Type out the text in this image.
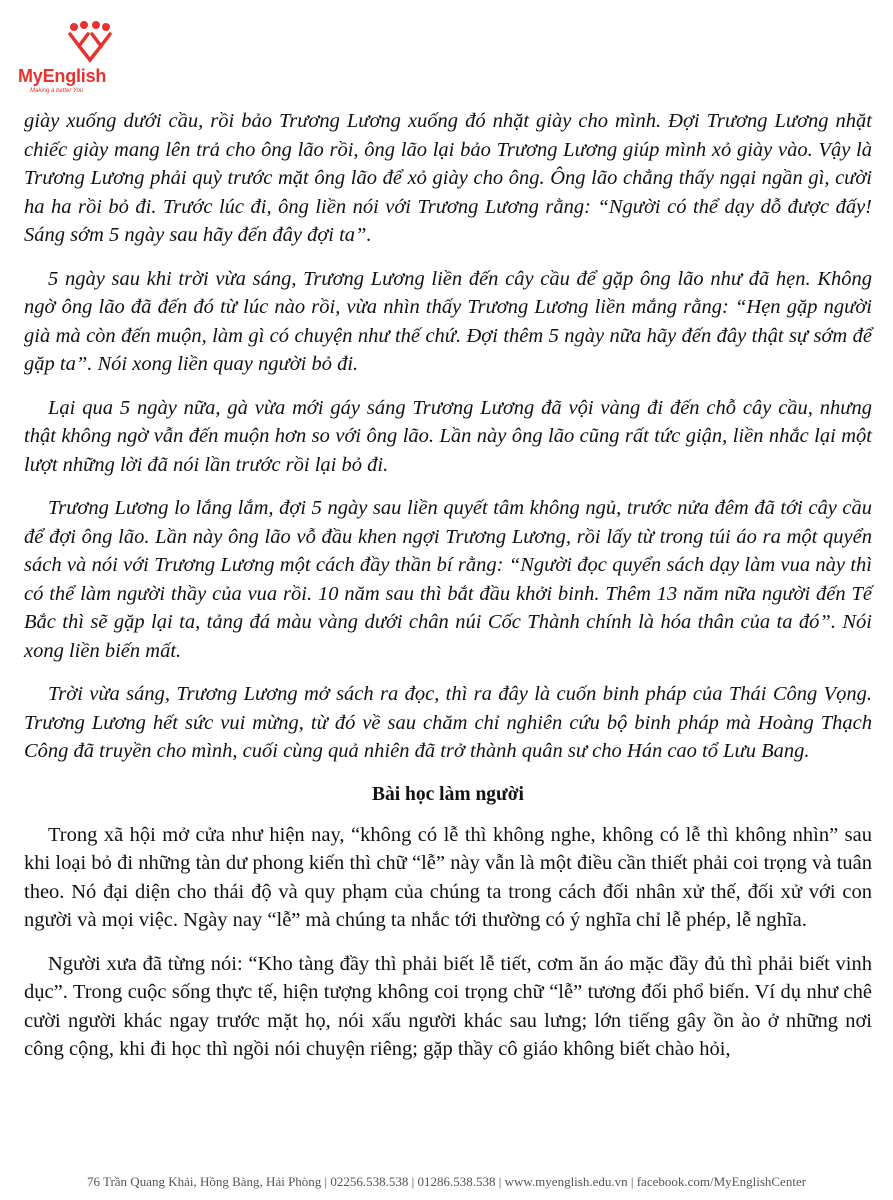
MyEnglish
Making a better You

giày xuống dưới cầu, rồi bảo Trương Lương xuống đó nhặt giày cho mình. Đợi Trương Lương nhặt chiếc giày mang lên trả cho ông lão rồi, ông lão lại bảo Trương Lương giúp mình xỏ giày vào. Vậy là Trương Lương phải quỳ trước mặt ông lão để xỏ giày cho ông. Ông lão chẳng thấy ngại ngần gì, cười ha ha rồi bỏ đi. Trước lúc đi, ông liền nói với Trương Lương rằng: “Người có thể dạy dỗ được đấy! Sáng sớm 5 ngày sau hãy đến đây đợi ta”.

5 ngày sau khi trời vừa sáng, Trương Lương liền đến cây cầu để gặp ông lão như đã hẹn. Không ngờ ông lão đã đến đó từ lúc nào rồi, vừa nhìn thấy Trương Lương liền mắng rằng: “Hẹn gặp người già mà còn đến muộn, làm gì có chuyện như thế chứ. Đợi thêm 5 ngày nữa hãy đến đây thật sự sớm để gặp ta”. Nói xong liền quay người bỏ đi.

Lại qua 5 ngày nữa, gà vừa mới gáy sáng Trương Lương đã vội vàng đi đến chỗ cây cầu, nhưng thật không ngờ vẫn đến muộn hơn so với ông lão. Lần này ông lão cũng rất tức giận, liền nhắc lại một lượt những lời đã nói lần trước rồi lại bỏ đi.

Trương Lương lo lắng lắm, đợi 5 ngày sau liền quyết tâm không ngủ, trước nửa đêm đã tới cây cầu để đợi ông lão. Lần này ông lão vỗ đầu khen ngợi Trương Lương, rồi lấy từ trong túi áo ra một quyển sách và nói với Trương Lương một cách đầy thần bí rằng: “Người đọc quyển sách dạy làm vua này thì có thể làm người thầy của vua rồi. 10 năm sau thì bắt đầu khởi binh. Thêm 13 năm nữa người đến Tế Bắc thì sẽ gặp lại ta, tảng đá màu vàng dưới chân núi Cốc Thành chính là hóa thân của ta đó”. Nói xong liền biến mất.

Trời vừa sáng, Trương Lương mở sách ra đọc, thì ra đây là cuốn binh pháp của Thái Công Vọng. Trương Lương hết sức vui mừng, từ đó về sau chăm chỉ nghiên cứu bộ binh pháp mà Hoàng Thạch Công đã truyền cho mình, cuối cùng quả nhiên đã trở thành quân sư cho Hán cao tổ Lưu Bang.

Bài học làm người

Trong xã hội mở cửa như hiện nay, “không có lễ thì không nghe, không có lễ thì không nhìn” sau khi loại bỏ đi những tàn dư phong kiến thì chữ “lễ” này vẫn là một điều cần thiết phải coi trọng và tuân theo. Nó đại diện cho thái độ và quy phạm của chúng ta trong cách đối nhân xử thế, đối xử với con người và mọi việc. Ngày nay “lễ” mà chúng ta nhắc tới thường có ý nghĩa chỉ lễ phép, lễ nghĩa.

Người xưa đã từng nói: “Kho tàng đầy thì phải biết lễ tiết, cơm ăn áo mặc đầy đủ thì phải biết vinh dục”. Trong cuộc sống thực tế, hiện tượng không coi trọng chữ “lễ” tương đối phổ biến. Ví dụ như chê cười người khác ngay trước mặt họ, nói xấu người khác sau lưng; lớn tiếng gây ồn ào ở những nơi công cộng, khi đi học thì ngồi nói chuyện riêng; gặp thầy cô giáo không biết chào hỏi,

76 Trần Quang Khải, Hồng Bàng, Hải Phòng | 02256.538.538 | 01286.538.538 | www.myenglish.edu.vn | facebook.com/MyEnglishCenter
